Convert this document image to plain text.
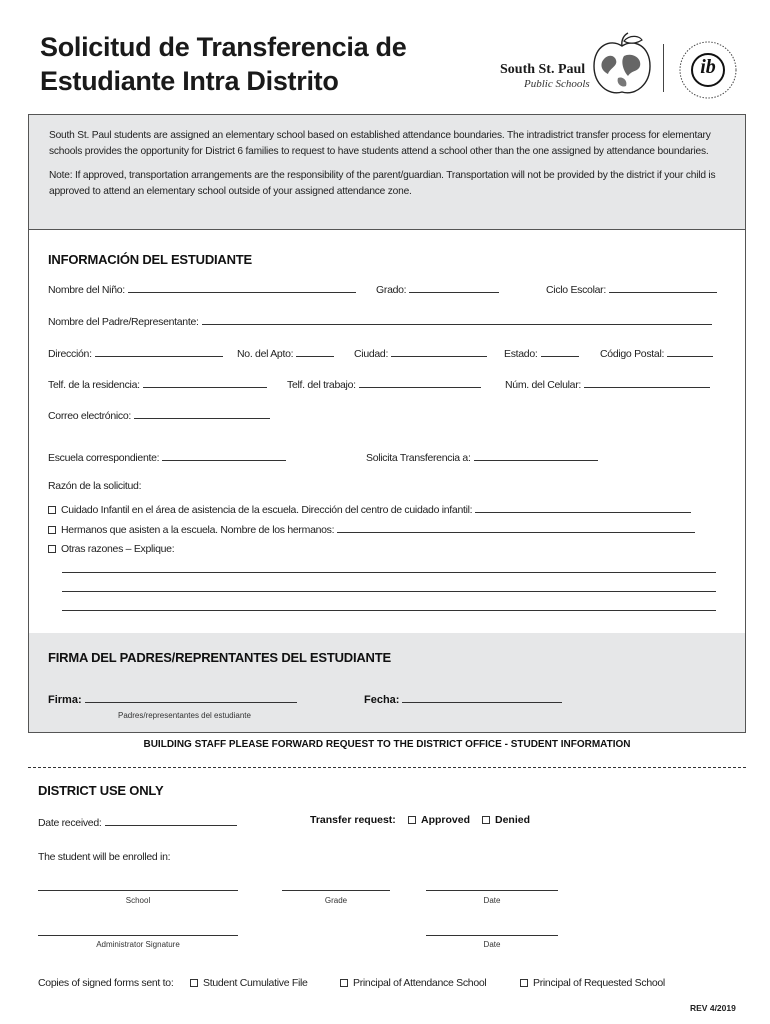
Solicitud de Transferencia de
Estudiante Intra Distrito	South St. Paul
Public Schools
ib

South St. Paul students are assigned an elementary school based on established attendance boundaries. The intradistrict transfer process for elementary schools provides the opportunity for District 6 families to request to have students attend a school other than the one assigned by attendance boundaries.

Note: If approved, transportation arrangements are the responsibility of the parent/guardian. Transportation will not be provided by the district if your child is approved to attend an elementary school outside of your assigned attendance zone.

INFORMACIÓN DEL ESTUDIANTE
Nombre del Niño:	Grado:	Ciclo Escolar:
Nombre del Padre/Representante:
Dirección:	No. del Apto:	Ciudad:	Estado:	Código Postal:
Telf. de la residencia:	Telf. del trabajo:	Núm. del Celular:
Correo electrónico:
Escuela correspondiente:	Solicita Transferencia a:
Razón de la solicitud:
Cuidado Infantil en el área de asistencia de la escuela. Dirección del centro de cuidado infantil:
Hermanos que asisten a la escuela. Nombre de los hermanos:
Otras razones – Explique:
FIRMA DEL PADRES/REPRENTANTES DEL ESTUDIANTE
Firma:	Fecha:
Padres/representantes del estudiante
BUILDING STAFF PLEASE FORWARD REQUEST TO THE DISTRICT OFFICE - STUDENT INFORMATION
DISTRICT USE ONLY
Date received:	Transfer request:	Approved	Denied
The student will be enrolled in:
School	Grade	Date
Administrator Signature	Date
Copies of signed forms sent to:	Student Cumulative File	Principal of Attendance School	Principal of Requested School
REV 4/2019
